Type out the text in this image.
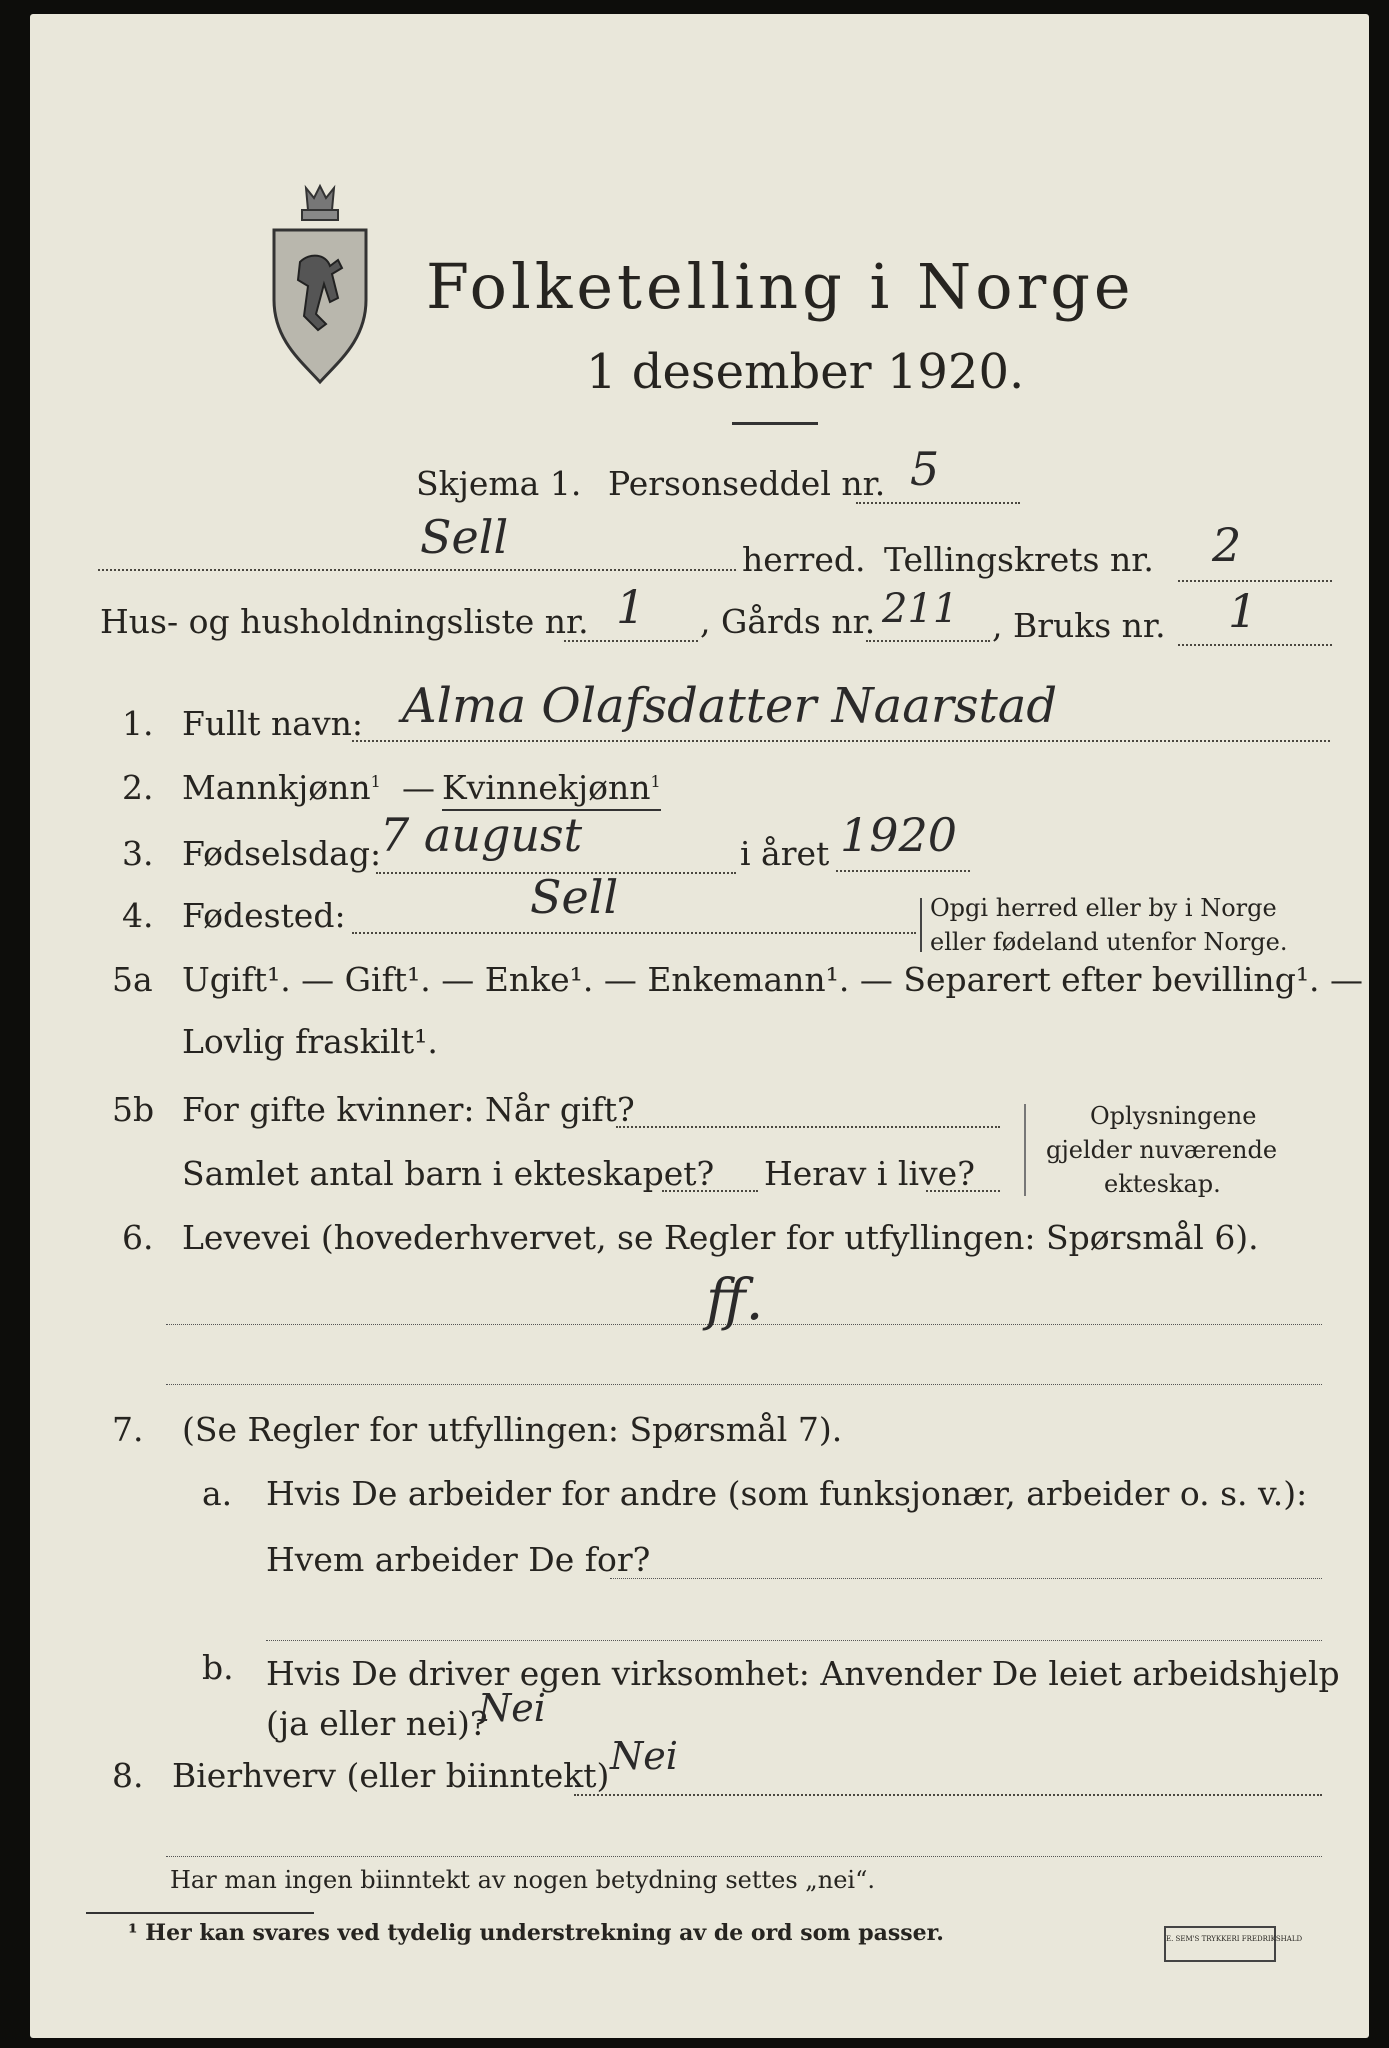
Folketelling i Norge
1 desember 1920.
Skjema 1. Personseddel nr. 5
Sell	herred. Tellingskrets nr. 2
Hus- og husholdningsliste nr. 1 , Gårds nr. 211 , Bruks nr. 1
1. Fullt navn: Alma Olafsdatter Naarstad
2. Mannkjønn$^1$ — Kvinnekjønn$^1$
3. Fødselsdag:
7 august	i året 1920
4. Fødested:	Sell	Opgi herred eller by i Norge
eller fødeland utenfor Norge.
5a Ugift¹. — Gift¹. — Enke¹. — Enkemann¹. — Separert efter bevilling¹. —
Lovlig fraskilt¹.
5b For gifte kvinner: Når gift?
Samlet antal barn i ekteskapet? Herav i live?
Oplysningene
gjelder nuværende
ekteskap.
6. Levevei (hovederhvervet, se Regler for utfyllingen: Spørsmål 6).
ff.
7. (Se Regler for utfyllingen: Spørsmål 7).
a. Hvis De arbeider for andre (som funksjonær, arbeider o. s. v.):
Hvem arbeider De for?
b. Hvis De driver egen virksomhet: Anvender De leiet arbeidshjelp
(ja eller nei)?
Nei
8. Bierhverv (eller biinntekt) Nei
Har man ingen biinntekt av nogen betydning settes „nei“.
¹ Her kan svares ved tydelig understrekning av de ord som passer.	E. SEM'S TRYKKERI FREDRIKSHALD
